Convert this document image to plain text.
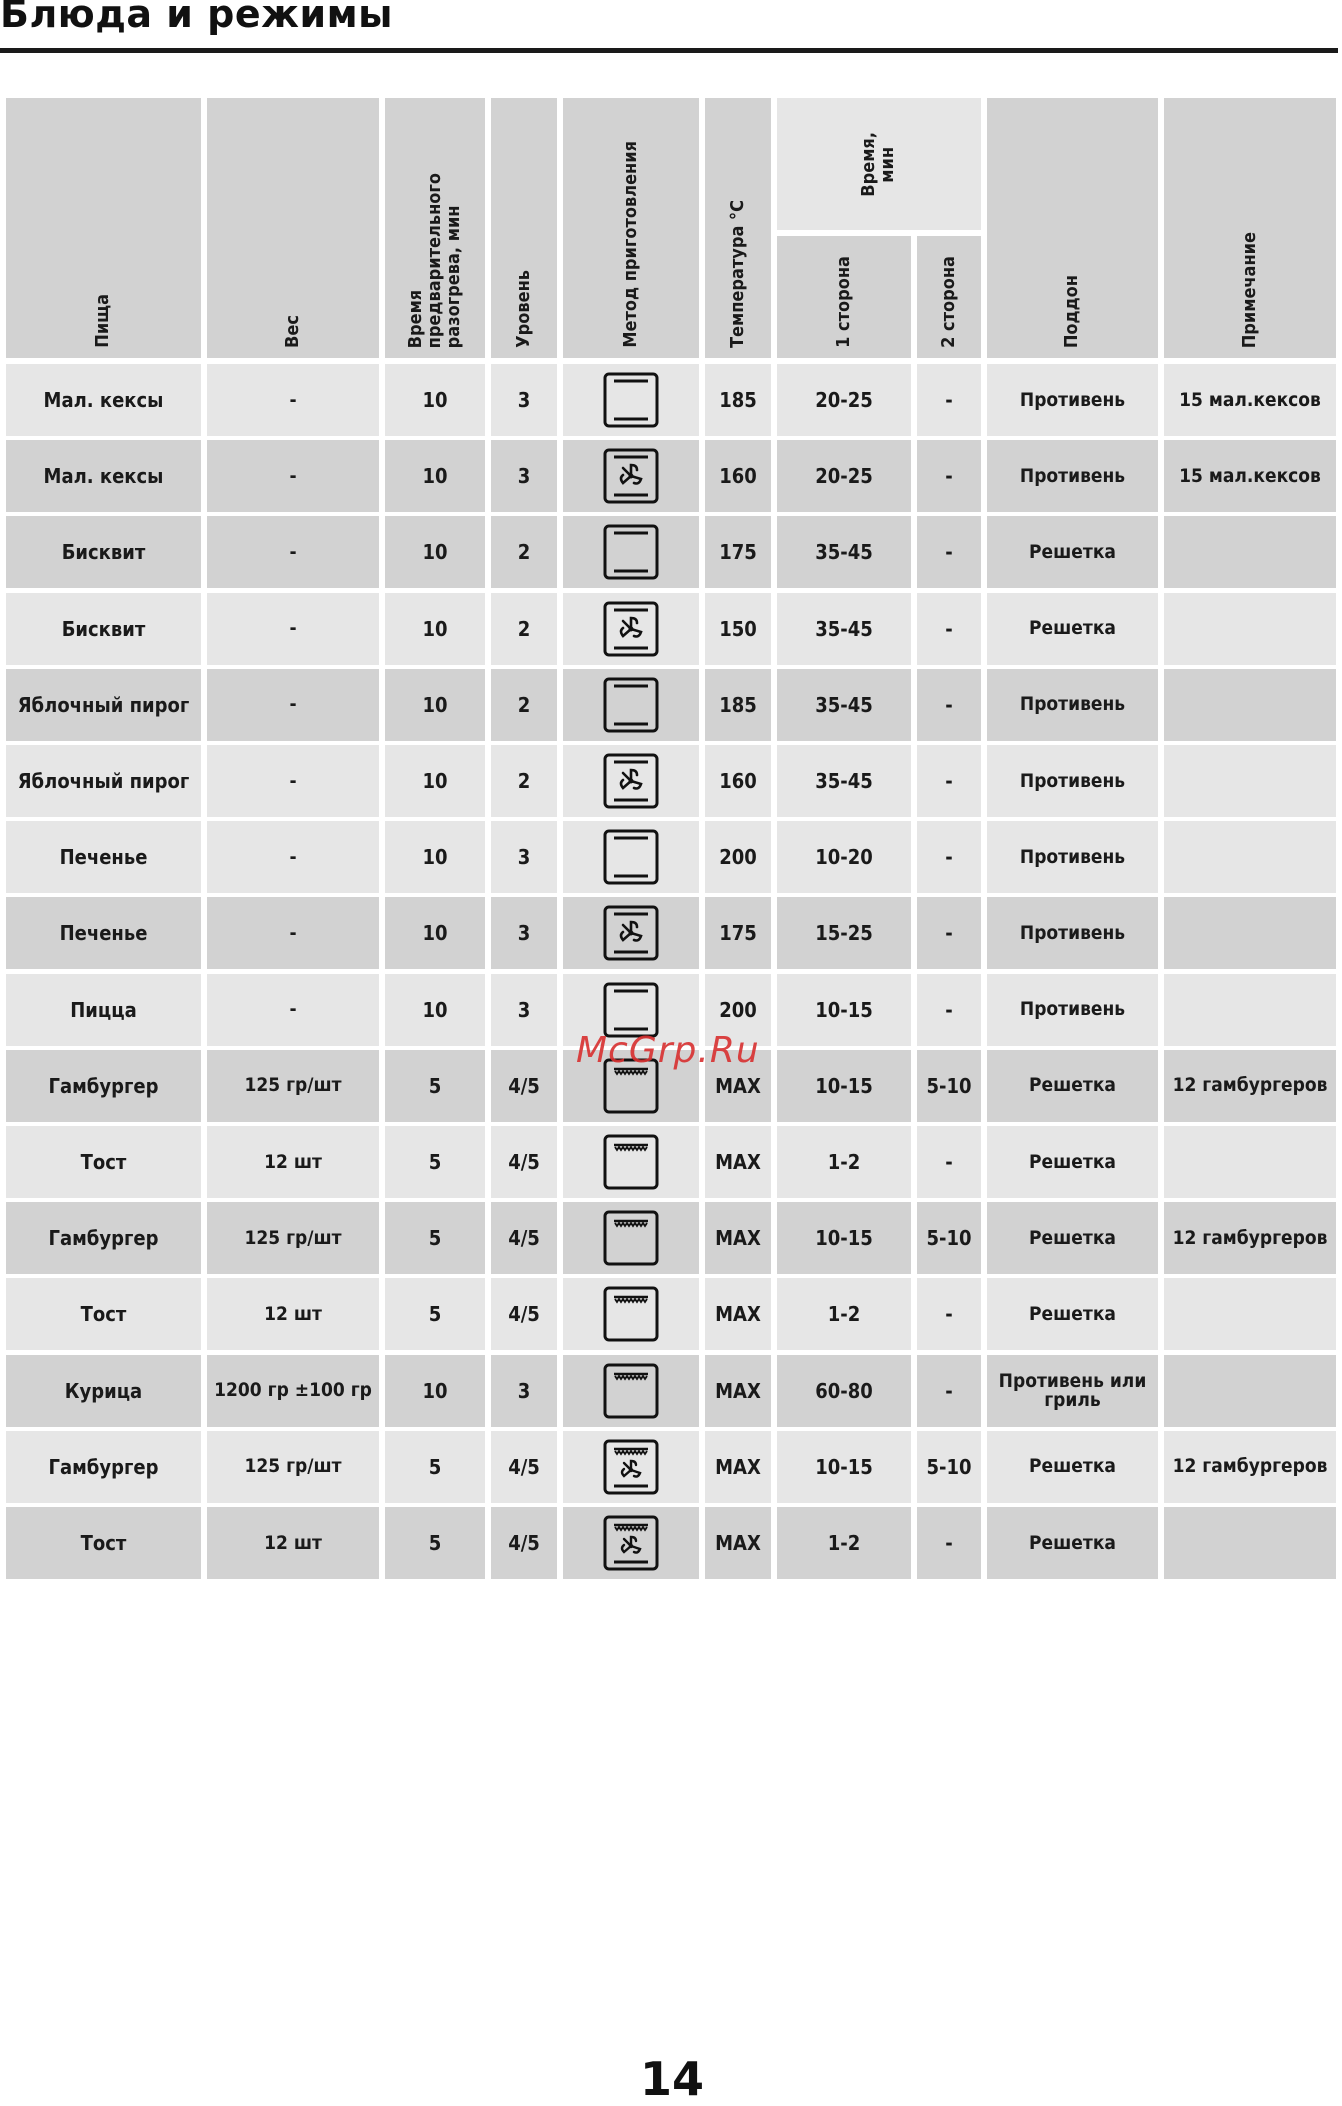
Блюда и режимы
Пища	Вес	Время
предварительного
разогрева, мин
Уровень	Метод приготовления	Температура °С
Время,
мин
1 сторона	2 сторона	Поддон	Примечание
Мал. кексы	-	10	3	185	20-25	-	Противень	15 мал.кексов
Мал. кексы	-	10	3	160	20-25	-	Противень	15 мал.кексов
Бисквит	-	10	2	175	35-45	-	Решетка
Бисквит	-	10	2	150	35-45	-	Решетка
Яблочный пирог	-	10	2	185	35-45	-	Противень
Яблочный пирог	-	10	2	160	35-45	-	Противень
Печенье	-	10	3	200	10-20	-	Противень
Печенье	-	10	3	175	15-25	-	Противень
Пицца	-	10	3	200	10-15	-	Противень
Гамбургер	125 гр/шт	5	4/5	MAX	10-15	5-10	Решетка	12 гамбургеров
Тост	12 шт	5	4/5	MAX	1-2	-	Решетка
Гамбургер	125 гр/шт	5	4/5	MAX	10-15	5-10	Решетка	12 гамбургеров
Тост	12 шт	5	4/5	MAX	1-2	-	Решетка
Курица	1200 гр ±100 гр	10	3	MAX	60-80	-	Противень или гриль
Гамбургер	125 гр/шт	5	4/5	MAX	10-15	5-10	Решетка	12 гамбургеров
Тост	12 шт	5	4/5	MAX	1-2	-	Решетка
McGrp.Ru
14
